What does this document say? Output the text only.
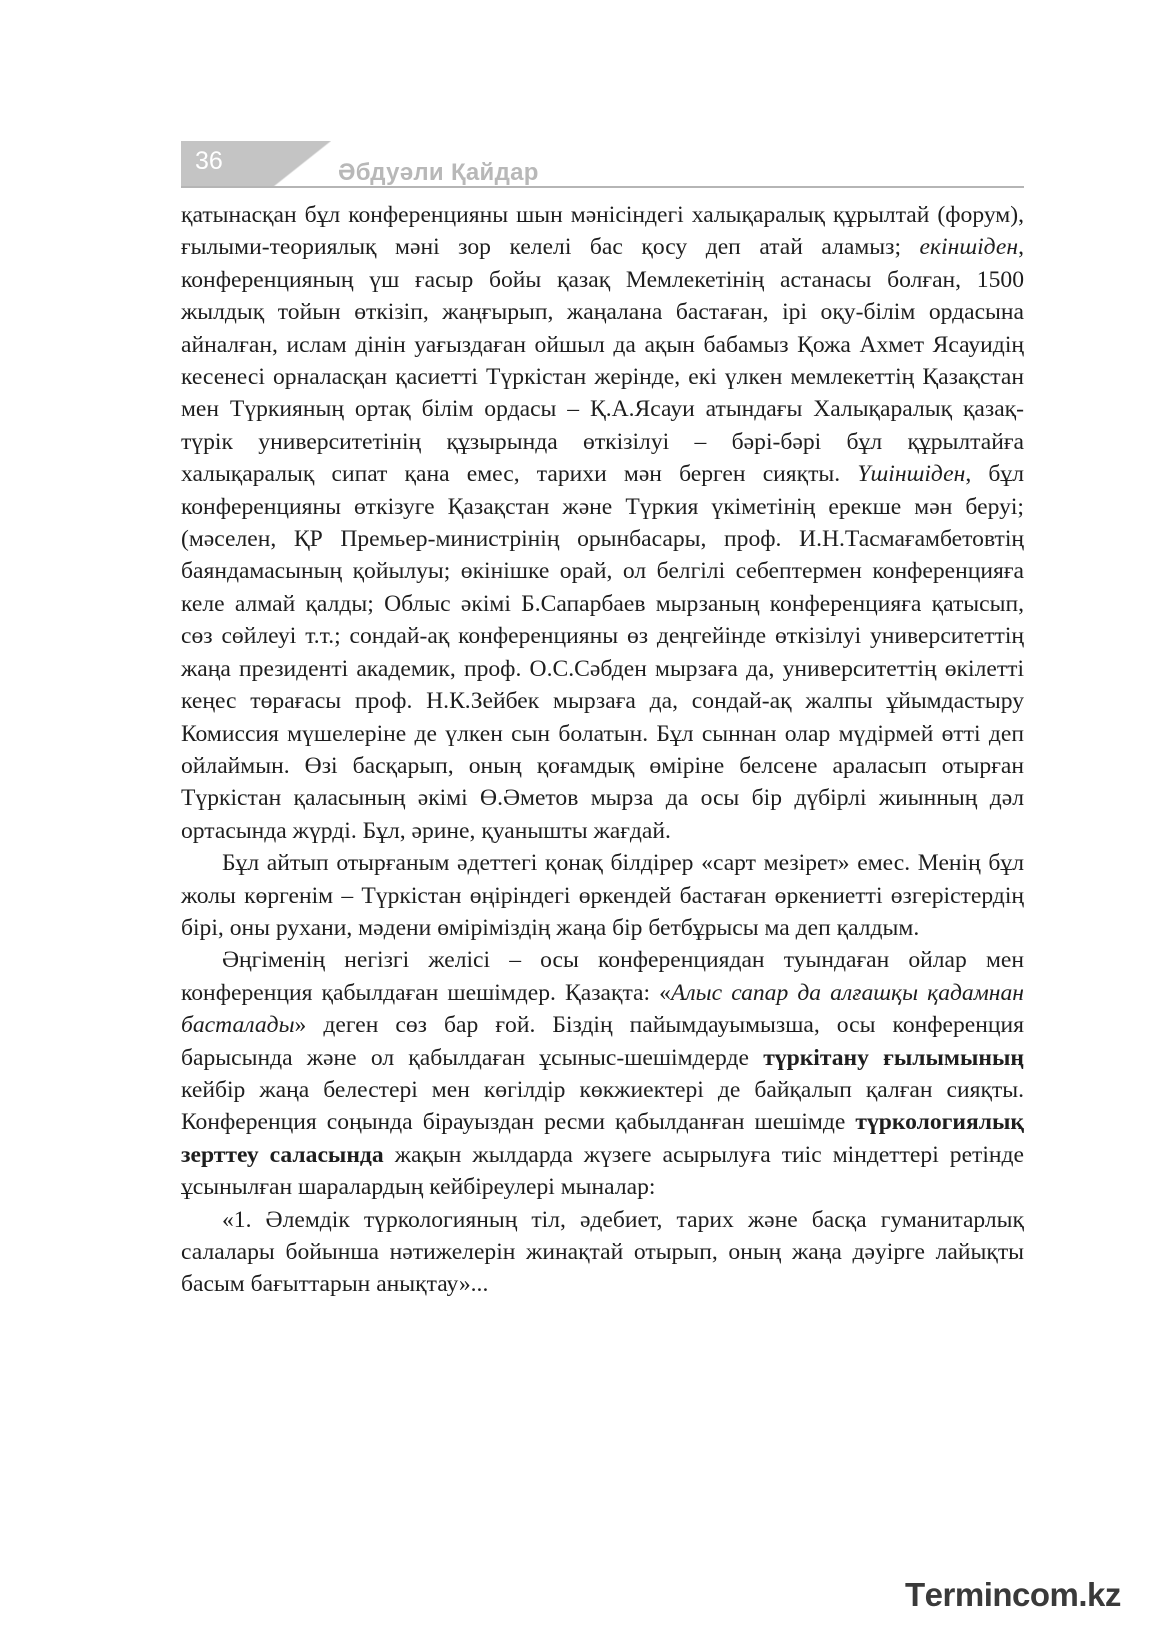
36	Әбдуәли Қайдар

қатынасқан бұл конференцияны шын мәнісіндегі халықаралық құрылтай (форум), ғылыми-теориялық мәні зор келелі бас қосу деп атай аламыз; екіншіден, конференцияның үш ғасыр бойы қазақ Мемлекетінің астанасы болған, 1500 жылдық тойын өткізіп, жаңғырып, жаңалана бастаған, ірі оқу-білім ордасына айналған, ислам дінін уағыздаған ойшыл да ақын бабамыз Қожа Ахмет Ясауидің кесенесі орналасқан қасиетті Түркістан жерінде, екі үлкен мемлекеттің Қазақстан мен Түркияның ортақ білім ордасы – Қ.А.Ясауи атындағы Халықаралық қазақ-түрік университетінің құзырында өткізілуі – бәрі-бәрі бұл құрылтайға халықаралық сипат қана емес, тарихи мән берген сияқты. Үшіншіден, бұл конференцияны өткізуге Қазақстан және Түркия үкіметінің ерекше мән беруі; (мәселен, ҚР Премьер-министрінің орынбасары, проф. И.Н.Тасмағамбетовтің баяндамасының қойылуы; өкінішке орай, ол белгілі себептермен конференцияға келе алмай қалды; Облыс әкімі Б.Сапарбаев мырзаның конференцияға қатысып, сөз сөйлеуі т.т.; сондай-ақ конференцияны өз деңгейінде өткізілуі университеттің жаңа президенті академик, проф. О.С.Сәбден мырзаға да, университеттің өкілетті кеңес төрағасы проф. Н.К.Зейбек мырзаға да, сондай-ақ жалпы ұйымдастыру Комиссия мүшелеріне де үлкен сын болатын. Бұл сыннан олар мүдірмей өтті деп ойлаймын. Өзі басқарып, оның қоғамдық өміріне белсене араласып отырған Түркістан қаласының әкімі Ө.Әметов мырза да осы бір дүбірлі жиынның дәл ортасында жүрді. Бұл, әрине, қуанышты жағдай.

Бұл айтып отырғаным әдеттегі қонақ білдірер «сарт мезірет» емес. Менің бұл жолы көргенім – Түркістан өңіріндегі өркендей бастаған өркениетті өзгерістердің бірі, оны рухани, мәдени өміріміздің жаңа бір бетбұрысы ма деп қалдым.

Әңгіменің негізгі желісі – осы конференциядан туындаған ойлар мен конференция қабылдаған шешімдер. Қазақта: «Алыс сапар да алғашқы қадамнан басталады» деген сөз бар ғой. Біздің пайымдауымызша, осы конференция барысында және ол қабылдаған ұсыныс-шешімдерде түркітану ғылымының кейбір жаңа белестері мен көгілдір көкжиектері де байқалып қалған сияқты. Конференция соңында бірауыздан ресми қабылданған шешімде түркологиялық зерттеу саласында жақын жылдарда жүзеге асырылуға тиіс міндеттері ретінде ұсынылған шаралардың кейбіреулері мыналар:

«1. Әлемдік түркологияның тіл, әдебиет, тарих және басқа гуманитарлық салалары бойынша нәтижелерін жинақтай отырып, оның жаңа дәуірге лайықты басым бағыттарын анықтау»...

Termincom.kz
